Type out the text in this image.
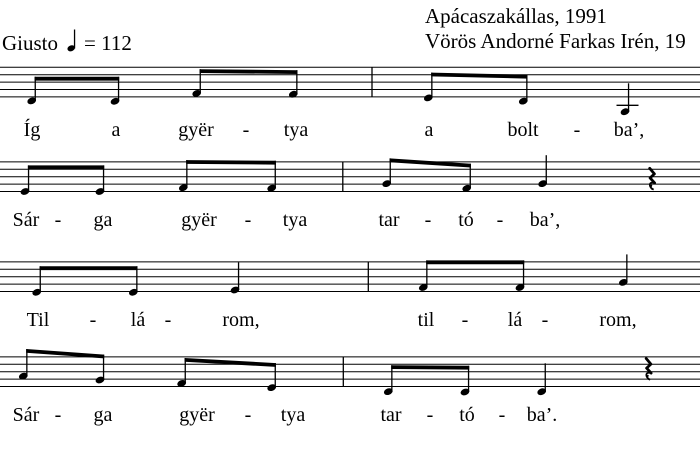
Giusto = 112
Apácaszakállas, 1991
Vörös Andorné Farkas Irén, 19
Íg	a	gyër - tya	a	bolt - ba’,
Sár - ga	gyër - tya	tar - tó - ba’,
Til - lá -	rom,	til - lá -	rom,
Sár - ga	gyër - tya	tar - tó - ba’.
